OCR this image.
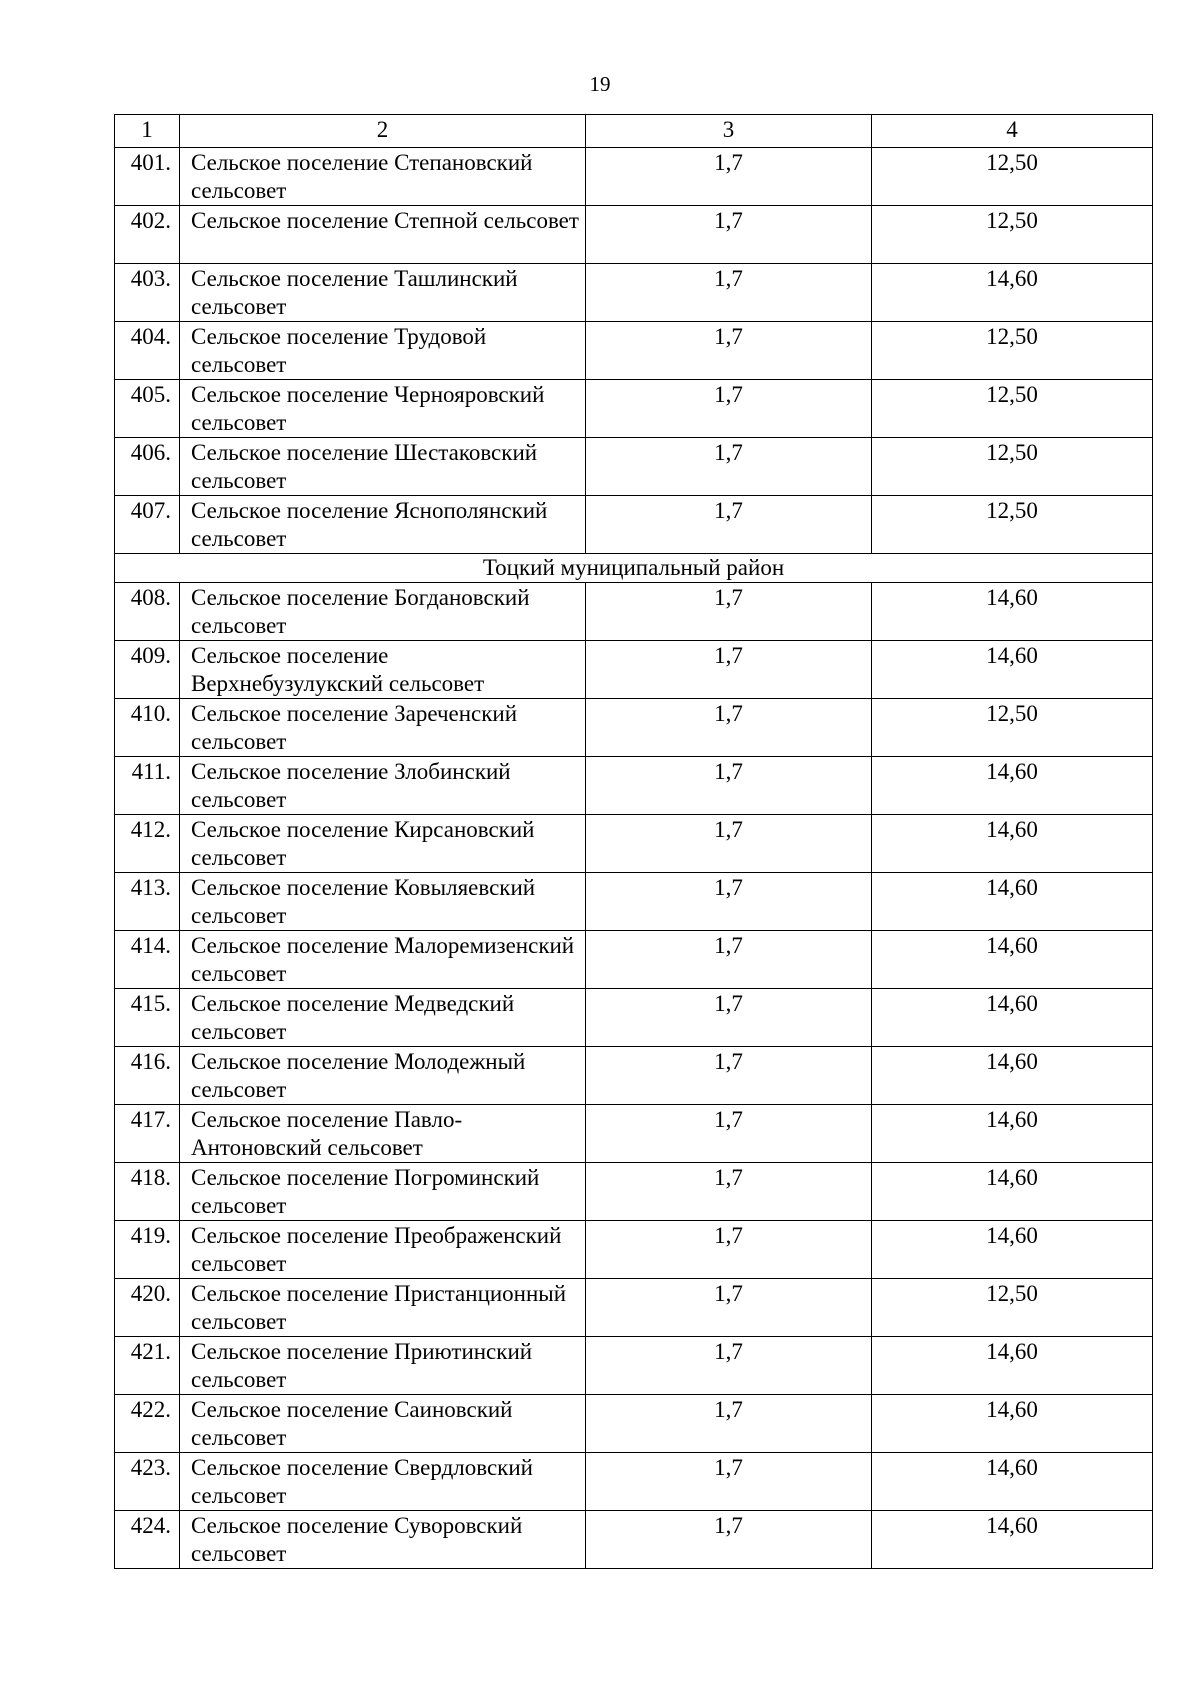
19
1	2	3	4
401.	Сельское поселение Степановский сельсовет	1,7	12,50
402.	Сельское поселение Степной сельсовет	1,7	12,50
403.	Сельское поселение Ташлинский сельсовет	1,7	14,60
404.	Сельское поселение Трудовой сельсовет	1,7	12,50
405.	Сельское поселение Чернояровский сельсовет	1,7	12,50
406.	Сельское поселение Шестаковский сельсовет	1,7	12,50
407.	Сельское поселение Яснополянский сельсовет	1,7	12,50
Тоцкий муниципальный район			
408.	Сельское поселение Богдановский сельсовет	1,7	14,60
409.	Сельское поселение Верхнебузулукский сельсовет	1,7	14,60
410.	Сельское поселение Зареченский сельсовет	1,7	12,50
411.	Сельское поселение Злобинский сельсовет	1,7	14,60
412.	Сельское поселение Кирсановский сельсовет	1,7	14,60
413.	Сельское поселение Ковыляевский сельсовет	1,7	14,60
414.	Сельское поселение Малоремизенский сельсовет	1,7	14,60
415.	Сельское поселение Медведский сельсовет	1,7	14,60
416.	Сельское поселение Молодежный сельсовет	1,7	14,60
417.	Сельское поселение Павло-Антоновский сельсовет	1,7	14,60
418.	Сельское поселение Погроминский сельсовет	1,7	14,60
419.	Сельское поселение Преображенский сельсовет	1,7	14,60
420.	Сельское поселение Пристанционный сельсовет	1,7	12,50
421.	Сельское поселение Приютинский сельсовет	1,7	14,60
422.	Сельское поселение Саиновский сельсовет	1,7	14,60
423.	Сельское поселение Свердловский сельсовет	1,7	14,60
424.	Сельское поселение Суворовский сельсовет	1,7	14,60
